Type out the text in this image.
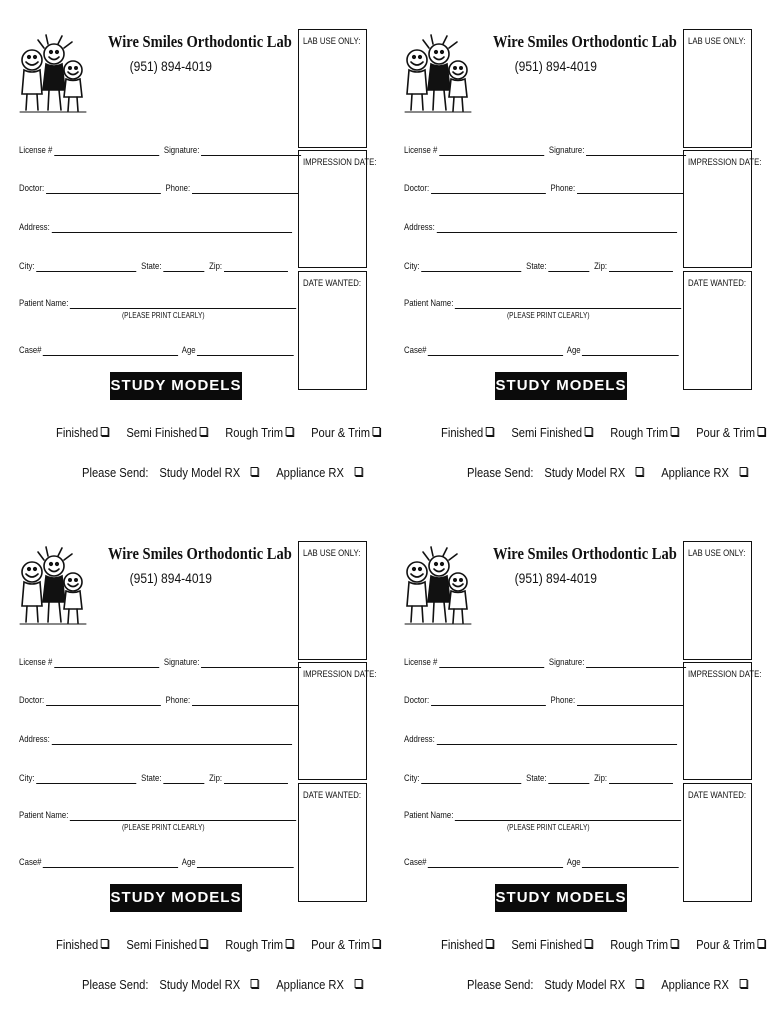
Wire Smiles Orthodontic Lab
(951) 894-4019
LAB USE ONLY:
IMPRESSION DATE:
DATE WANTED:
License #	Signature:
Doctor:	Phone:
Address:
City:	State:	Zip:
Patient Name:
(PLEASE PRINT CLEARLY)
Case#	Age
STUDY MODELS
Finished Semi Finished Rough Trim Pour & Trim
Please Send: Study Model RX	Appliance RX
Wire Smiles Orthodontic Lab
(951) 894-4019
LAB USE ONLY:
IMPRESSION DATE:
DATE WANTED:
License #	Signature:
Doctor:	Phone:
Address:
City:	State:	Zip:
Patient Name:
(PLEASE PRINT CLEARLY)
Case#	Age
STUDY MODELS
Finished Semi Finished Rough Trim Pour & Trim
Please Send: Study Model RX	Appliance RX
Wire Smiles Orthodontic Lab
(951) 894-4019
LAB USE ONLY:
IMPRESSION DATE:
DATE WANTED:
License #	Signature:
Doctor:	Phone:
Address:
City:	State:	Zip:
Patient Name:
(PLEASE PRINT CLEARLY)
Case#	Age
STUDY MODELS
Finished Semi Finished Rough Trim Pour & Trim
Please Send: Study Model RX	Appliance RX
Wire Smiles Orthodontic Lab
(951) 894-4019
LAB USE ONLY:
IMPRESSION DATE:
DATE WANTED:
License #	Signature:
Doctor:	Phone:
Address:
City:	State:	Zip:
Patient Name:
(PLEASE PRINT CLEARLY)
Case#	Age
STUDY MODELS
Finished Semi Finished Rough Trim Pour & Trim
Please Send: Study Model RX	Appliance RX
